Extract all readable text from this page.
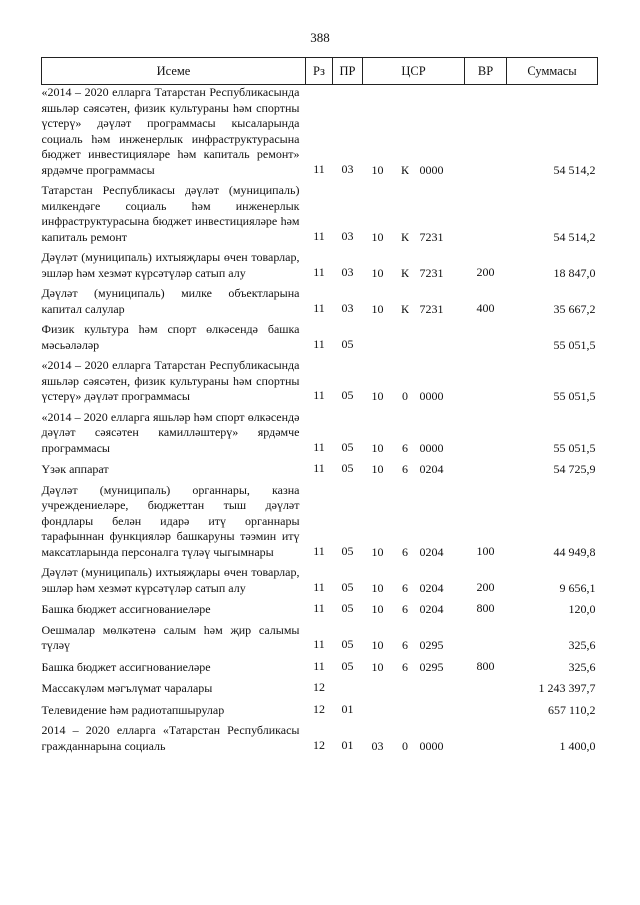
388
Исеме	Рз	ПР	ЦСР			ВР	Суммасы
«2014 – 2020 елларга Татарстан Республикасында яшьләр сәясәтен, физик культураны һәм спортны үстерү» дәүләт программасы кысаларында социаль һәм инженерлык инфраструктурасына бюджет инвестицияләре һәм капиталь ремонт» ярдәмче программасы	11	03	10	К	0000		54 514,2

Татарстан Республикасы дәүләт (муниципаль) милкендәге социаль һәм инженерлык инфраструктурасына бюджет инвестицияләре һәм капиталь ремонт	11	03	10	К	7231		54 514,2

Дәүләт (муниципаль) ихтыяҗлары өчен товарлар, эшләр һәм хезмәт күрсәтүләр сатып алу	11	03	10	К	7231	200	18 847,0

Дәүләт (муниципаль) милке объектларына капитал салулар	11	03	10	К	7231	400	35 667,2

Физик культура һәм спорт өлкәсендә башка мәсьәләләр	11	05					55 051,5

«2014 – 2020 елларга Татарстан Республикасында яшьләр сәясәтен, физик культураны һәм спортны үстерү» дәүләт программасы	11	05	10	0	0000		55 051,5

«2014 – 2020 елларга яшьләр һәм спорт өлкәсендә дәүләт сәясәтен камилләштерү» ярдәмче программасы	11	05	10	6	0000		55 051,5

Үзәк аппарат	11	05	10	6	0204		54 725,9

Дәүләт (муниципаль) органнары, казна учреждениеләре, бюджеттан тыш дәүләт фондлары белән идарә итү органнары тарафыннан функцияләр башкаруны тәэмин итү максатларында персоналга түләү чыгымнары	11	05	10	6	0204	100	44 949,8

Дәүләт (муниципаль) ихтыяҗлары өчен товарлар, эшләр һәм хезмәт күрсәтүләр сатып алу	11	05	10	6	0204	200	9 656,1

Башка бюджет ассигнованиеләре	11	05	10	6	0204	800	120,0

Оешмалар мөлкәтенә салым һәм җир салымы түләү	11	05	10	6	0295		325,6

Башка бюджет ассигнованиеләре	11	05	10	6	0295	800	325,6

Массакүләм мәгълүмат чаралары	12						1 243 397,7

Телевидение һәм радиотапшырулар	12	01					657 110,2

2014 – 2020 елларга «Татарстан Республикасы гражданнарына социаль	12	01	03	0	0000		1 400,0
